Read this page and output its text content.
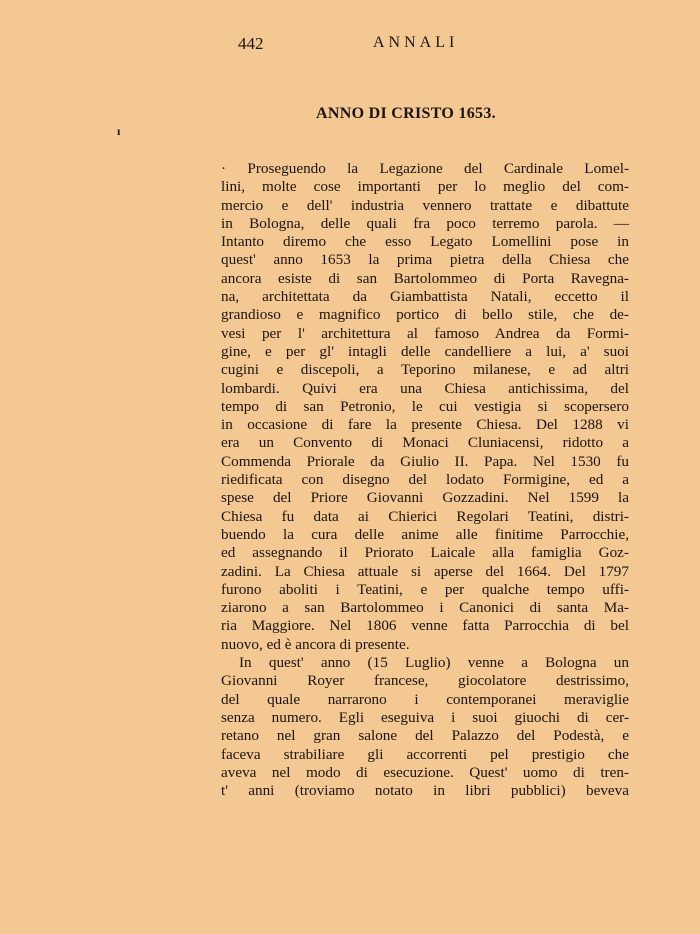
442	ANNALI
ı
ANNO DI CRISTO 1653.
· Proseguendo la Legazione del Cardinale Lomel-
lini, molte cose importanti per lo meglio del com-
mercio e dell' industria vennero trattate e dibattute
in Bologna, delle quali fra poco terremo parola. —
Intanto diremo che esso Legato Lomellini pose in
quest' anno 1653 la prima pietra della Chiesa che
ancora esiste di san Bartolommeo di Porta Ravegna-
na, architettata da Giambattista Natali, eccetto il
grandioso e magnifico portico di bello stile, che de-
vesi per l' architettura al famoso Andrea da Formi-
gine, e per gl' intagli delle candelliere a lui, a' suoi
cugini e discepoli, a Teporino milanese, e ad altri
lombardi. Quivi era una Chiesa antichissima, del
tempo di san Petronio, le cui vestigia si scopersero
in occasione di fare la presente Chiesa. Del 1288 vi
era un Convento di Monaci Cluniacensi, ridotto a
Commenda Priorale da Giulio II. Papa. Nel 1530 fu
riedificata con disegno del lodato Formigine, ed a
spese del Priore Giovanni Gozzadini. Nel 1599 la
Chiesa fu data ai Chierici Regolari Teatini, distri-
buendo la cura delle anime alle finitime Parrocchie,
ed assegnando il Priorato Laicale alla famiglia Goz-
zadini. La Chiesa attuale si aperse del 1664. Del 1797
furono aboliti i Teatini, e per qualche tempo uffi-
ziarono a san Bartolommeo i Canonici di santa Ma-
ria Maggiore. Nel 1806 venne fatta Parrocchia di bel
nuovo, ed è ancora di presente.
In quest' anno (15 Luglio) venne a Bologna un
Giovanni Royer francese, giocolatore destrissimo,
del quale narrarono i contemporanei meraviglie
senza numero. Egli eseguiva i suoi giuochi di cer-
retano nel gran salone del Palazzo del Podestà, e
faceva strabiliare gli accorrenti pel prestigio che
aveva nel modo di esecuzione. Quest' uomo di tren-
t' anni (troviamo notato in libri pubblici) beveva
